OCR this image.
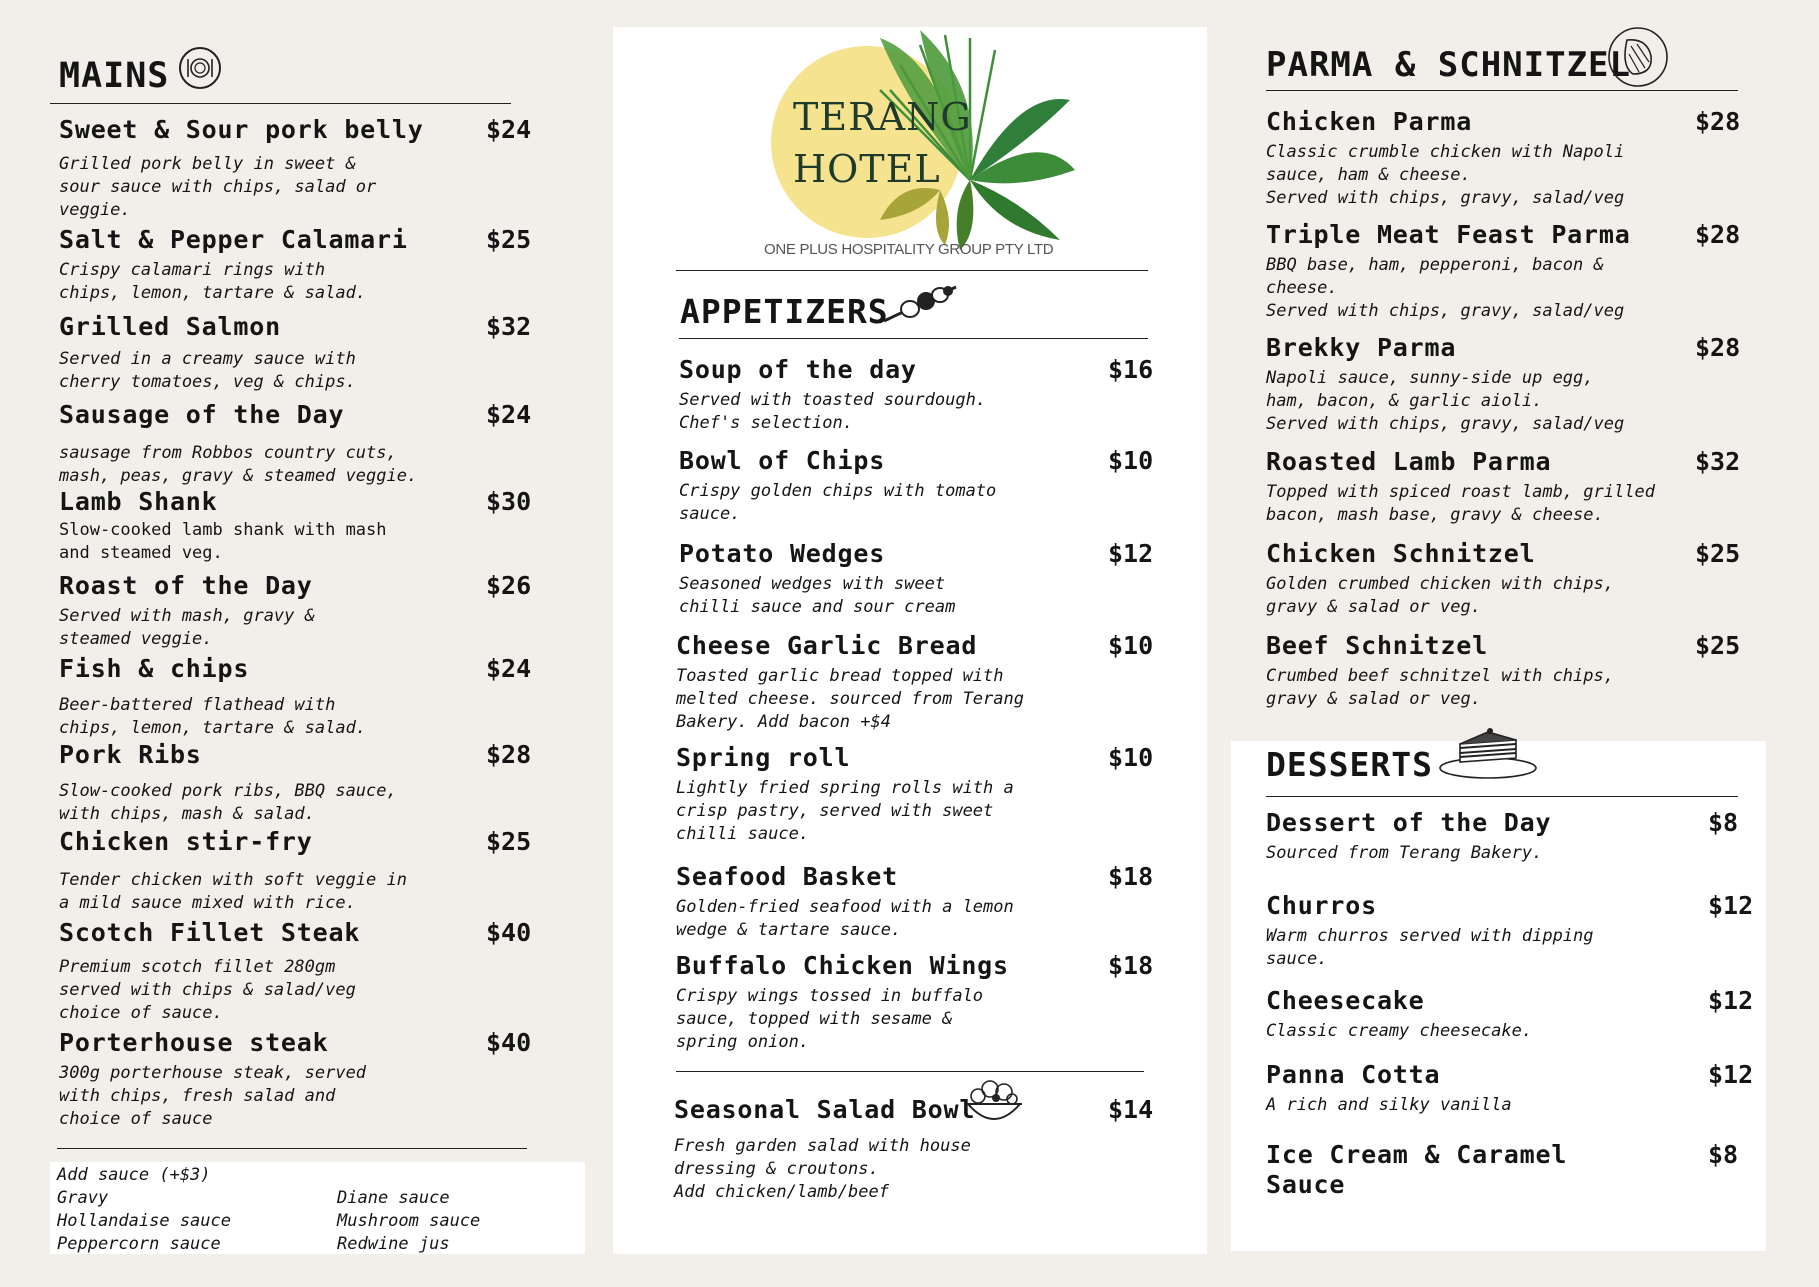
MAINS
Sweet & Sour pork belly $24
Grilled pork belly in sweet &
sour sauce with chips, salad or
veggie.
Salt & Pepper Calamari	$25
Crispy calamari rings with
chips, lemon, tartare & salad.
Grilled Salmon	$32
Served in a creamy sauce with
cherry tomatoes, veg & chips.
Sausage of the Day	$24
sausage from Robbos country cuts,
mash, peas, gravy & steamed veggie.
Lamb Shank	$30
Slow-cooked lamb shank with mash
and steamed veg.
Roast of the Day	$26
Served with mash, gravy &
steamed veggie.
Fish & chips	$24
Beer-battered flathead with
chips, lemon, tartare & salad.
Pork Ribs	$28
Slow-cooked pork ribs, BBQ sauce,
with chips, mash & salad.
Chicken stir-fry	$25
Tender chicken with soft veggie in
a mild sauce mixed with rice.
Scotch Fillet Steak	$40
Premium scotch fillet 280gm
served with chips & salad/veg
choice of sauce.
Porterhouse steak	$40
300g porterhouse steak, served
with chips, fresh salad and
choice of sauce
Add sauce (+$3)
Gravy
Hollandaise sauce
Peppercorn sauce
Diane sauce
Mushroom sauce
Redwine jus
TERANG
HOTEL
ONE PLUS HOSPITALITY GROUP PTY LTD
APPETIZERS
Soup of the day	$16
Served with toasted sourdough.
Chef's selection.
Bowl of Chips	$10
Crispy golden chips with tomato
sauce.
Potato Wedges	$12
Seasoned wedges with sweet
chilli sauce and sour cream
Cheese Garlic Bread	$10
Toasted garlic bread topped with
melted cheese. sourced from Terang
Bakery. Add bacon +$4
Spring roll	$10
Lightly fried spring rolls with a
crisp pastry, served with sweet
chilli sauce.
Seafood Basket	$18
Golden-fried seafood with a lemon
wedge & tartare sauce.
Buffalo Chicken Wings	$18
Crispy wings tossed in buffalo
sauce, topped with sesame &
spring onion.
Seasonal Salad Bowl	$14
Fresh garden salad with house
dressing & croutons.
Add chicken/lamb/beef
PARMA & SCHNITZEL
Chicken Parma	$28
Classic crumble chicken with Napoli
sauce, ham & cheese.
Served with chips, gravy, salad/veg
Triple Meat Feast Parma	$28
BBQ base, ham, pepperoni, bacon &
cheese.
Served with chips, gravy, salad/veg
Brekky Parma	$28
Napoli sauce, sunny-side up egg,
ham, bacon, & garlic aioli.
Served with chips, gravy, salad/veg
Roasted Lamb Parma	$32
Topped with spiced roast lamb, grilled
bacon, mash base, gravy & cheese.
Chicken Schnitzel	$25
Golden crumbed chicken with chips,
gravy & salad or veg.
Beef Schnitzel	$25
Crumbed beef schnitzel with chips,
gravy & salad or veg.
DESSERTS
Dessert of the Day	$8
Sourced from Terang Bakery.
Churros	$12
Warm churros served with dipping
sauce.
Cheesecake	$12
Classic creamy cheesecake.
Panna Cotta	$12
A rich and silky vanilla
Ice Cream & Caramel
Sauce
$8
